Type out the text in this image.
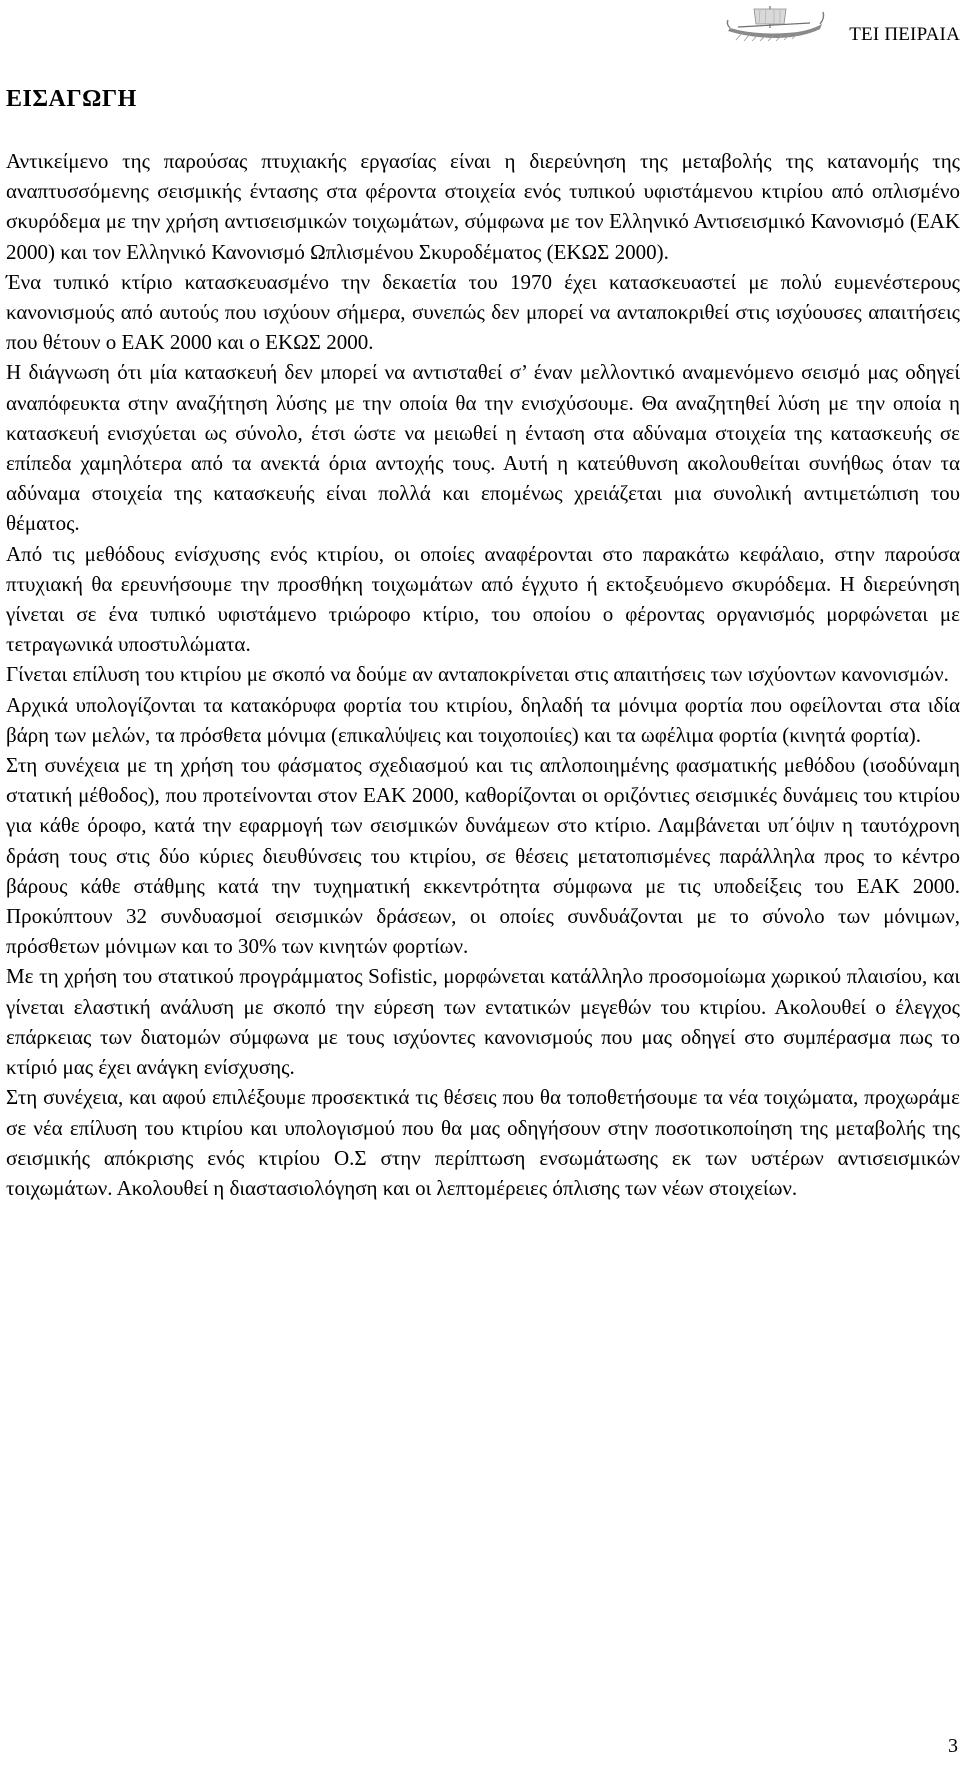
ΤΕΙ ΠΕΙΡΑΙΑ
ΕΙΣΑΓΩΓΗ

Αντικείμενο της παρούσας πτυχιακής εργασίας είναι η διερεύνηση της μεταβολής της κατανομής της αναπτυσσόμενης σεισμικής έντασης στα φέροντα στοιχεία ενός τυπικού υφιστάμενου κτιρίου από οπλισμένο σκυρόδεμα με την χρήση αντισεισμικών τοιχωμάτων, σύμφωνα με τον Ελληνικό Αντισεισμικό Κανονισμό (ΕΑΚ 2000) και τον Ελληνικό Κανονισμό Ωπλισμένου Σκυροδέματος (ΕΚΩΣ 2000).

Ένα τυπικό κτίριο κατασκευασμένο την δεκαετία του 1970 έχει κατασκευαστεί με πολύ ευμενέστερους κανονισμούς από αυτούς που ισχύουν σήμερα, συνεπώς δεν μπορεί να ανταποκριθεί στις ισχύουσες απαιτήσεις που θέτουν ο ΕΑΚ 2000 και ο ΕΚΩΣ 2000.

Η διάγνωση ότι μία κατασκευή δεν μπορεί να αντισταθεί σ’ έναν μελλοντικό αναμενόμενο σεισμό μας οδηγεί αναπόφευκτα στην αναζήτηση λύσης με την οποία θα την ενισχύσουμε. Θα αναζητηθεί λύση με την οποία η κατασκευή ενισχύεται ως σύνολο, έτσι ώστε να μειωθεί η ένταση στα αδύναμα στοιχεία της κατασκευής σε επίπεδα χαμηλότερα από τα ανεκτά όρια αντοχής τους. Αυτή η κατεύθυνση ακολουθείται συνήθως όταν τα αδύναμα στοιχεία της κατασκευής είναι πολλά και επομένως χρειάζεται μια συνολική αντιμετώπιση του θέματος.

Από τις μεθόδους ενίσχυσης ενός κτιρίου, οι οποίες αναφέρονται στο παρακάτω κεφάλαιο, στην παρούσα πτυχιακή θα ερευνήσουμε την προσθήκη τοιχωμάτων από έγχυτο ή εκτοξευόμενο σκυρόδεμα. Η διερεύνηση γίνεται σε ένα τυπικό υφιστάμενο τριώροφο κτίριο, του οποίου ο φέροντας οργανισμός μορφώνεται με τετραγωνικά υποστυλώματα.

Γίνεται επίλυση του κτιρίου με σκοπό να δούμε αν ανταποκρίνεται στις απαιτήσεις των ισχύοντων κανονισμών.

Αρχικά υπολογίζονται τα κατακόρυφα φορτία του κτιρίου, δηλαδή τα μόνιμα φορτία που οφείλονται στα ιδία βάρη των μελών, τα πρόσθετα μόνιμα (επικαλύψεις και τοιχοποιίες) και τα ωφέλιμα φορτία (κινητά φορτία).

Στη συνέχεια με τη χρήση του φάσματος σχεδιασμού και τις απλοποιημένης φασματικής μεθόδου (ισοδύναμη στατική μέθοδος), που προτείνονται στον ΕΑΚ 2000, καθορίζονται οι οριζόντιες σεισμικές δυνάμεις του κτιρίου για κάθε όροφο, κατά την εφαρμογή των σεισμικών δυνάμεων στο κτίριο. Λαμβάνεται υπ΄όψιν η ταυτόχρονη δράση τους στις δύο κύριες διευθύνσεις του κτιρίου, σε θέσεις μετατοπισμένες παράλληλα προς το κέντρο βάρους κάθε στάθμης κατά την τυχηματική εκκεντρότητα σύμφωνα με τις υποδείξεις του ΕΑΚ 2000. Προκύπτουν 32 συνδυασμοί σεισμικών δράσεων, οι οποίες συνδυάζονται με το σύνολο των μόνιμων, πρόσθετων μόνιμων και το 30% των κινητών φορτίων.

Με τη χρήση του στατικού προγράμματος Sofistic, μορφώνεται κατάλληλο προσομοίωμα χωρικού πλαισίου, και γίνεται ελαστική ανάλυση με σκοπό την εύρεση των εντατικών μεγεθών του κτιρίου. Ακολουθεί ο έλεγχος επάρκειας των διατομών σύμφωνα με τους ισχύοντες κανονισμούς που μας οδηγεί στο συμπέρασμα πως το κτίριό μας έχει ανάγκη ενίσχυσης.

Στη συνέχεια, και αφού επιλέξουμε προσεκτικά τις θέσεις που θα τοποθετήσουμε τα νέα τοιχώματα, προχωράμε σε νέα επίλυση του κτιρίου και υπολογισμού που θα μας οδηγήσουν στην ποσοτικοποίηση της μεταβολής της σεισμικής απόκρισης ενός κτιρίου Ο.Σ στην περίπτωση ενσωμάτωσης εκ των υστέρων αντισεισμικών τοιχωμάτων. Ακολουθεί η διαστασιολόγηση και οι λεπτομέρειες όπλισης των νέων στοιχείων.

3
